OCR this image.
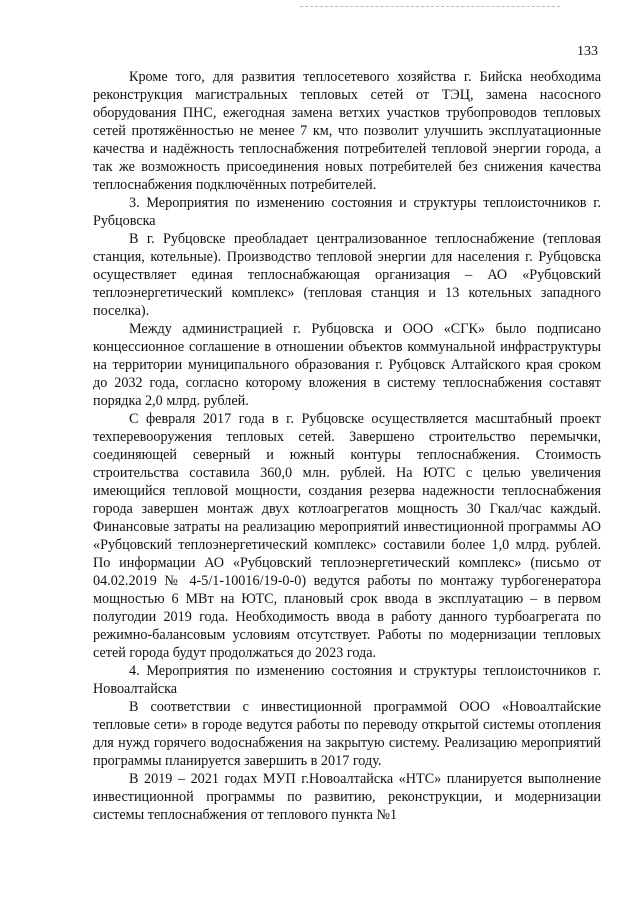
133

Кроме того, для развития теплосетевого хозяйства г. Бийска необходима реконструкция магистральных тепловых сетей от ТЭЦ, замена насосного оборудования ПНС, ежегодная замена ветхих участков трубопроводов тепловых сетей протяжённостью не менее 7 км, что позволит улучшить эксплуатационные качества и надёжность теплоснабжения потребителей тепловой энергии города, а так же возможность присоединения новых потребителей без снижения качества теплоснабжения подключённых потребителей.

3. Мероприятия по изменению состояния и структуры теплоисточников г. Рубцовска

В г. Рубцовске преобладает централизованное теплоснабжение (тепловая станция, котельные). Производство тепловой энергии для населения г. Рубцовска осуществляет единая теплоснабжающая организация – АО «Рубцовский теплоэнергетический комплекс» (тепловая станция и 13 котельных западного поселка).

Между администрацией г. Рубцовска и ООО «СГК» было подписано концессионное соглашение в отношении объектов коммунальной инфраструктуры на территории муниципального образования г. Рубцовск Алтайского края сроком до 2032 года, согласно которому вложения в систему теплоснабжения составят порядка 2,0 млрд. рублей.

С февраля 2017 года в г. Рубцовске осуществляется масштабный проект техперевооружения тепловых сетей. Завершено строительство перемычки, соединяющей северный и южный контуры теплоснабжения. Стоимость строительства составила 360,0 млн. рублей. На ЮТС с целью увеличения имеющийся тепловой мощности, создания резерва надежности теплоснабжения города завершен монтаж двух котлоагрегатов мощность 30 Гкал/час каждый. Финансовые затраты на реализацию мероприятий инвестиционной программы АО «Рубцовский теплоэнергетический комплекс» составили более 1,0 млрд. рублей. По информации АО «Рубцовский теплоэнергетический комплекс» (письмо от 04.02.2019 № 4-5/1-10016/19-0-0) ведутся работы по монтажу турбогенератора мощностью 6 МВт на ЮТС, плановый срок ввода в эксплуатацию – в первом полугодии 2019 года. Необходимость ввода в работу данного турбоагрегата по режимно-балансовым условиям отсутствует. Работы по модернизации тепловых сетей города будут продолжаться до 2023 года.

4. Мероприятия по изменению состояния и структуры теплоисточников г. Новоалтайска

В соответствии с инвестиционной программой ООО «Новоалтайские тепловые сети» в городе ведутся работы по переводу открытой системы отопления для нужд горячего водоснабжения на закрытую систему. Реализацию мероприятий программы планируется завершить в 2017 году.

В 2019 – 2021 годах МУП г.Новоалтайска «НТС» планируется выполнение инвестиционной программы по развитию, реконструкции, и модернизации системы теплоснабжения от теплового пункта №1
